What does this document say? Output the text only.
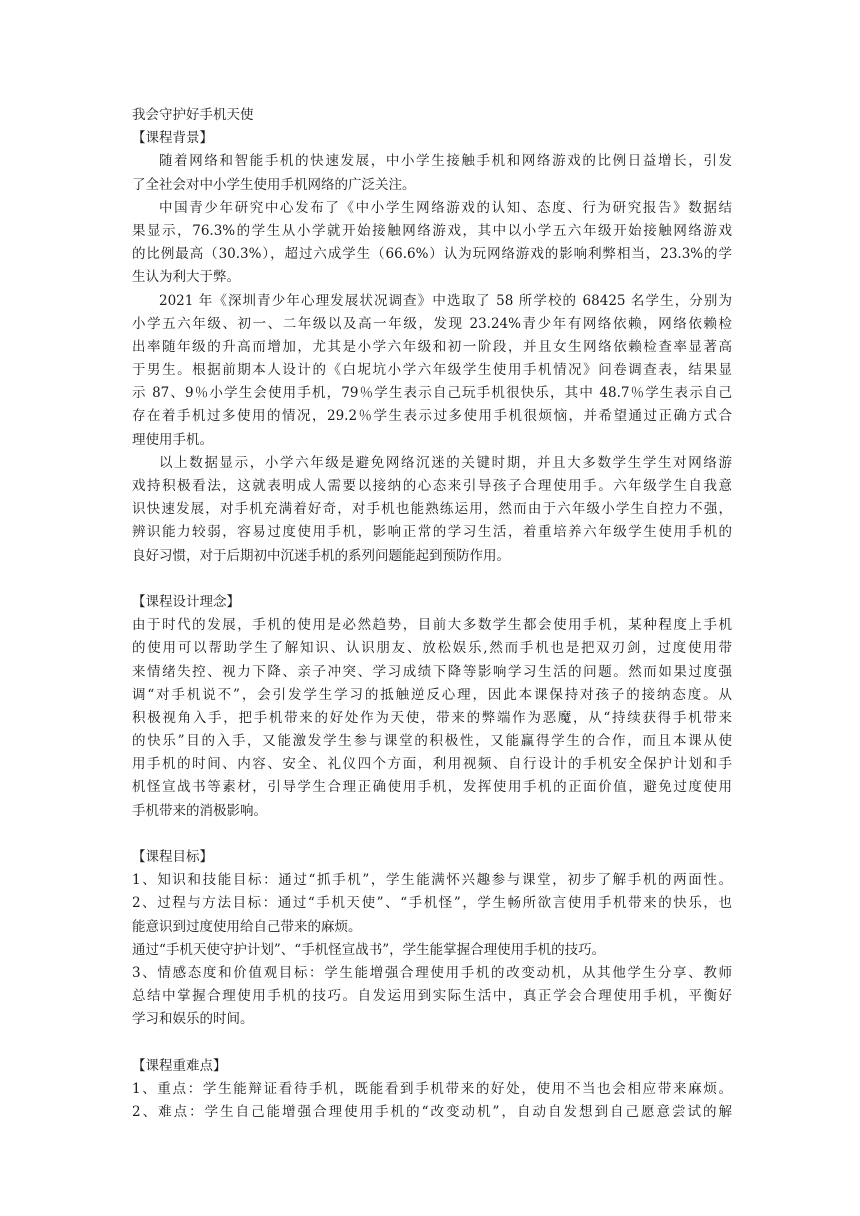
我会守护好手机天使
【课程背景】
随着网络和智能手机的快速发展，中小学生接触手机和网络游戏的比例日益增长，引发
了全社会对中小学生使用手机网络的广泛关注。
中国青少年研究中心发布了《中小学生网络游戏的认知、态度、行为研究报告》数据结
果显示，76.3%的学生从小学就开始接触网络游戏，其中以小学五六年级开始接触网络游戏
的比例最高（30.3%），超过六成学生（66.6%）认为玩网络游戏的影响利弊相当，23.3%的学
生认为利大于弊。
2021 年《深圳青少年心理发展状况调查》中选取了 58 所学校的 68425 名学生，分别为
小学五六年级、初一、二年级以及高一年级，发现 23.24%青少年有网络依赖，网络依赖检
出率随年级的升高而增加，尤其是小学六年级和初一阶段，并且女生网络依赖检查率显著高
于男生。根据前期本人设计的《白坭坑小学六年级学生使用手机情况》问卷调查表，结果显
示 87、9％小学生会使用手机，79％学生表示自己玩手机很快乐，其中 48.7％学生表示自己
存在着手机过多使用的情况，29.2％学生表示过多使用手机很烦恼，并希望通过正确方式合
理使用手机。
以上数据显示，小学六年级是避免网络沉迷的关键时期，并且大多数学生学生对网络游
戏持积极看法，这就表明成人需要以接纳的心态来引导孩子合理使用手。六年级学生自我意
识快速发展，对手机充满着好奇，对手机也能熟练运用，然而由于六年级小学生自控力不强，
辨识能力较弱，容易过度使用手机，影响正常的学习生活，着重培养六年级学生使用手机的
良好习惯，对于后期初中沉迷手机的系列问题能起到预防作用。
【课程设计理念】
由于时代的发展，手机的使用是必然趋势，目前大多数学生都会使用手机，某种程度上手机
的使用可以帮助学生了解知识、认识朋友、放松娱乐,然而手机也是把双刃剑，过度使用带
来情绪失控、视力下降、亲子冲突、学习成绩下降等影响学习生活的问题。然而如果过度强
调“对手机说不”，会引发学生学习的抵触逆反心理，因此本课保持对孩子的接纳态度。从
积极视角入手，把手机带来的好处作为天使，带来的弊端作为恶魔，从“持续获得手机带来
的快乐”目的入手，又能激发学生参与课堂的积极性，又能赢得学生的合作，而且本课从使
用手机的时间、内容、安全、礼仪四个方面，利用视频、自行设计的手机安全保护计划和手
机怪宣战书等素材，引导学生合理正确使用手机，发挥使用手机的正面价值，避免过度使用
手机带来的消极影响。
【课程目标】
1、知识和技能目标：通过“抓手机”，学生能满怀兴趣参与课堂，初步了解手机的两面性。
2、过程与方法目标：通过“手机天使”、“手机怪”，学生畅所欲言使用手机带来的快乐，也
能意识到过度使用给自己带来的麻烦。
通过“手机天使守护计划”、“手机怪宣战书”，学生能掌握合理使用手机的技巧。
3、情感态度和价值观目标：学生能增强合理使用手机的改变动机，从其他学生分享、教师
总结中掌握合理使用手机的技巧。自发运用到实际生活中，真正学会合理使用手机，平衡好
学习和娱乐的时间。
【课程重难点】
1、重点：学生能辩证看待手机，既能看到手机带来的好处，使用不当也会相应带来麻烦。
2、难点：学生自己能增强合理使用手机的“改变动机”，自动自发想到自己愿意尝试的解
